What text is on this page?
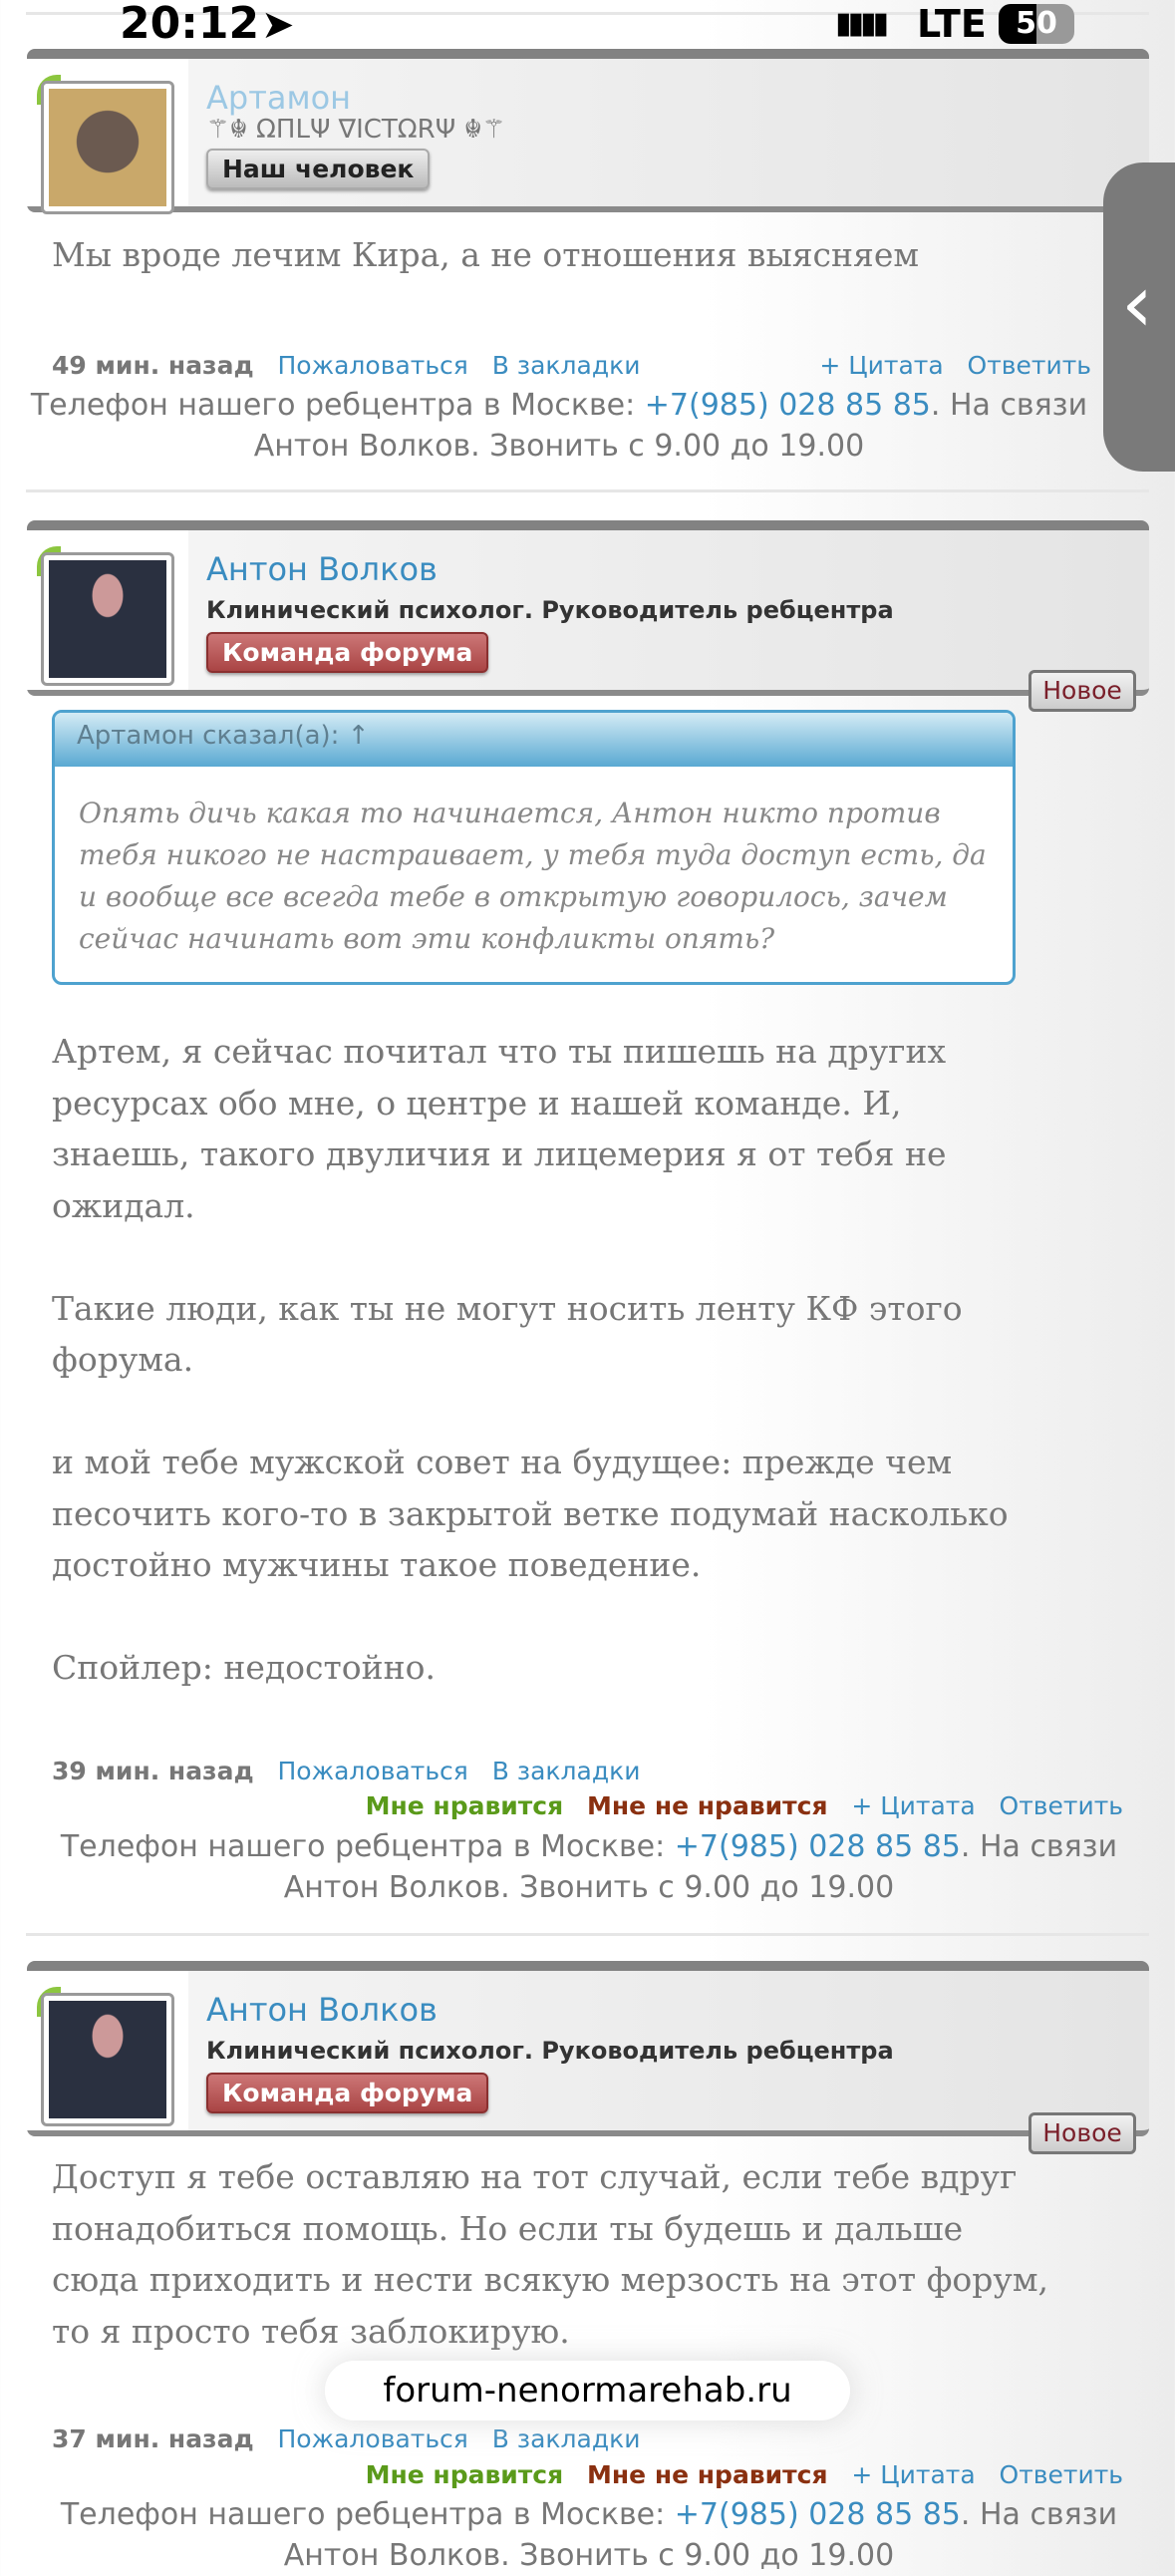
Артамон
⚚☬ ΩΠLΨ ∇ICTΩRΨ ☬⚚
Наш человек
20:12 ➤	▮▮▮▮ LTE 50
Мы вроде лечим Кира, а не отношения выясняем
49 мин. назад Пожаловаться В закладки	+ Цитата Ответить
Телефон нашего ребцентра в Москве: +7(985) 028 85 85. На связи Антон Волков. Звонить с 9.00 до 19.00
Антон Волков
Клинический психолог. Руководитель ребцентра
Команда форума
Новое
Артамон сказал(а): ↑
Опять дичь какая то начинается, Антон никто против тебя никого не настраивает, у тебя туда доступ есть, да и вообще все всегда тебе в открытую говорилось, зачем сейчас начинать вот эти конфликты опять?

Артем, я сейчас почитал что ты пишешь на других ресурсах обо мне, о центре и нашей команде. И, знаешь, такого двуличия и лицемерия я от тебя не ожидал.

Такие люди, как ты не могут носить ленту КФ этого форума.

и мой тебе мужской совет на будущее: прежде чем песочить кого-то в закрытой ветке подумай насколько достойно мужчины такое поведение.

Спойлер: недостойно.

39 мин. назад Пожаловаться В закладки
Мне нравится Мне не нравится + Цитата Ответить
Телефон нашего ребцентра в Москве: +7(985) 028 85 85. На связи Антон Волков. Звонить с 9.00 до 19.00
Антон Волков
Клинический психолог. Руководитель ребцентра
Команда форума
Новое
Доступ я тебе оставляю на тот случай, если тебе вдруг понадобиться помощь. Но если ты будешь и дальше сюда приходить и нести всякую мерзость на этот форум, то я просто тебя заблокирую.
37 мин. назад Пожаловаться В закладки
Мне нравится Мне не нравится + Цитата Ответить
Телефон нашего ребцентра в Москве: +7(985) 028 85 85. На связи Антон Волков. Звонить с 9.00 до 19.00
‹
forum-nenormarehab.ru
